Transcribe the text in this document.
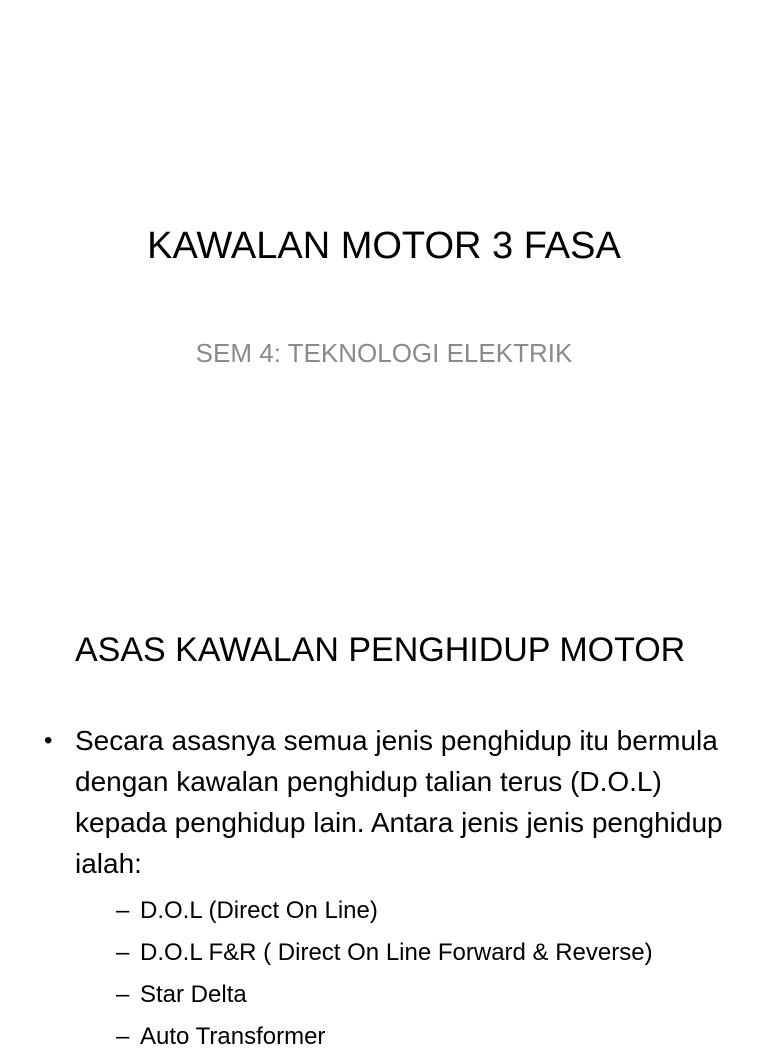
KAWALAN MOTOR 3 FASA
SEM 4: TEKNOLOGI ELEKTRIK
ASAS KAWALAN PENGHIDUP MOTOR
• Secara asasnya semua jenis penghidup itu bermula dengan kawalan penghidup talian terus (D.O.L) kepada penghidup lain. Antara jenis jenis penghidup ialah:
– D.O.L (Direct On Line)
– D.O.L F&R ( Direct On Line Forward & Reverse)
– Star Delta
– Auto Transformer
